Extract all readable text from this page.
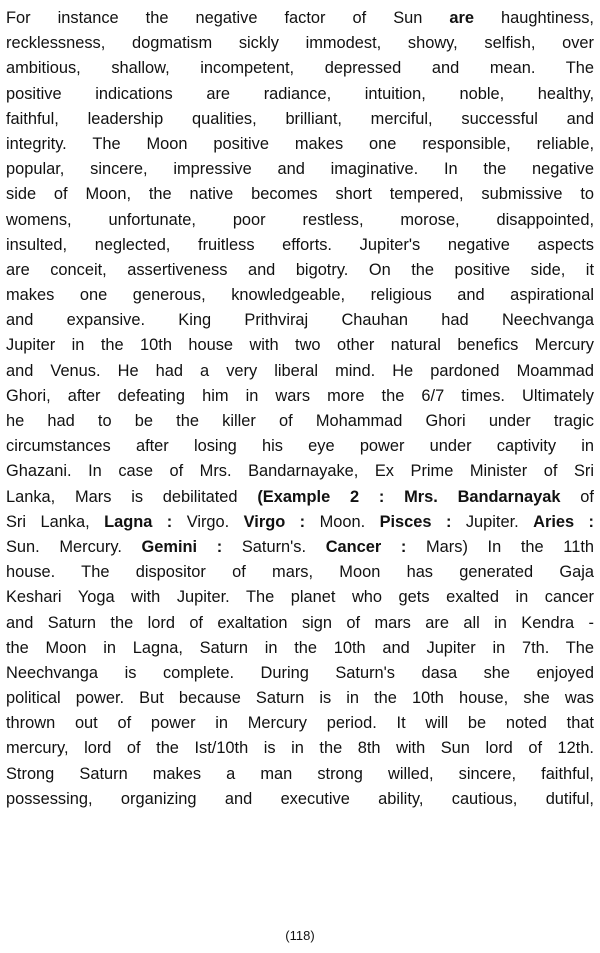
For instance the negative factor of Sun are haughtiness,
recklessness, dogmatism sickly immodest, showy, selfish, over
ambitious, shallow, incompetent, depressed and mean. The
positive indications are radiance, intuition, noble, healthy,
faithful, leadership qualities, brilliant, merciful, successful and
integrity. The Moon positive makes one responsible, reliable,
popular, sincere, impressive and imaginative. In the negative
side of Moon, the native becomes short tempered, submissive to
womens, unfortunate, poor restless, morose, disappointed,
insulted, neglected, fruitless efforts. Jupiter's negative aspects
are conceit, assertiveness and bigotry. On the positive side, it
makes one generous, knowledgeable, religious and aspirational
and expansive. King Prithviraj Chauhan had Neechvanga
Jupiter in the 10th house with two other natural benefics Mercury
and Venus. He had a very liberal mind. He pardoned Moammad
Ghori, after defeating him in wars more the 6/7 times. Ultimately
he had to be the killer of Mohammad Ghori under tragic
circumstances after losing his eye power under captivity in
Ghazani. In case of Mrs. Bandarnayake, Ex Prime Minister of Sri
Lanka, Mars is debilitated (Example 2 : Mrs. Bandarnayak of
Sri Lanka, Lagna : Virgo. Virgo : Moon. Pisces : Jupiter. Aries :
Sun. Mercury. Gemini : Saturn's. Cancer : Mars) In the 11th
house. The dispositor of mars, Moon has generated Gaja
Keshari Yoga with Jupiter. The planet who gets exalted in cancer
and Saturn the lord of exaltation sign of mars are all in Kendra -
the Moon in Lagna, Saturn in the 10th and Jupiter in 7th. The
Neechvanga is complete. During Saturn's dasa she enjoyed
political power. But because Saturn is in the 10th house, she was
thrown out of power in Mercury period. It will be noted that
mercury, lord of the Ist/10th is in the 8th with Sun lord of 12th.
Strong Saturn makes a man strong willed, sincere, faithful,
possessing, organizing and executive ability, cautious, dutiful,
(118)
